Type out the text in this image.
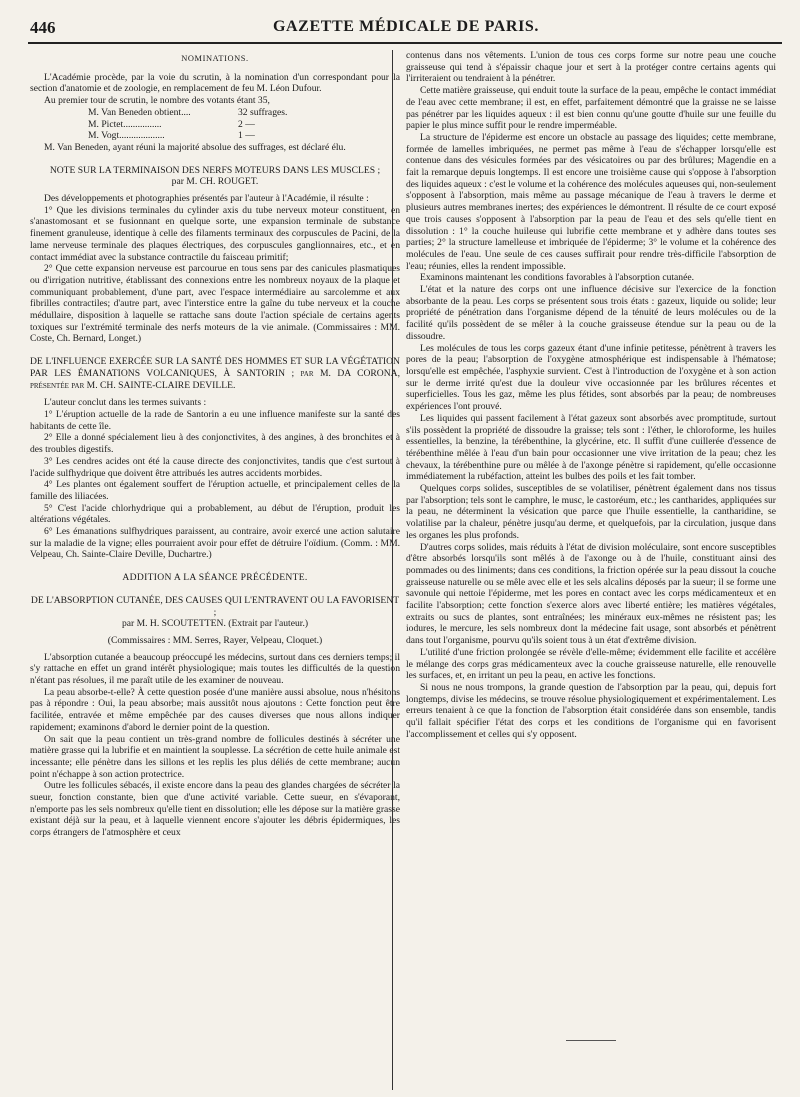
446	GAZETTE MÉDICALE DE PARIS.
NOMINATIONS.

L'Académie procède, par la voie du scrutin, à la nomination d'un correspondant pour la section d'anatomie et de zoologie, en remplacement de feu M. Léon Dufour.

Au premier tour de scrutin, le nombre des votants étant 35,

M. Van Beneden obtient....	32 suffrages.
M. Pictet................	2 —
M. Vogt...................	1 —

M. Van Beneden, ayant réuni la majorité absolue des suffrages, est déclaré élu.

NOTE SUR LA TERMINAISON DES NERFS MOTEURS DANS LES MUSCLES ;
par M. CH. ROUGET.

Des développements et photographies présentés par l'auteur à l'Académie, il résulte :

1° Que les divisions terminales du cylinder axis du tube nerveux moteur constituent, en s'anastomosant et se fusionnant en quelque sorte, une expansion terminale de substance finement granuleuse, identique à celle des filaments terminaux des corpuscules de Pacini, de la lame nerveuse terminale des plaques électriques, des corpuscules ganglionnaires, etc., et en contact immédiat avec la substance contractile du faisceau primitif;

2° Que cette expansion nerveuse est parcourue en tous sens par des canicules plasmatiques ou d'irrigation nutritive, établissant des connexions entre les nombreux noyaux de la plaque et communiquant probablement, d'une part, avec l'espace intermédiaire au sarcolemme et aux fibrilles contractiles; d'autre part, avec l'interstice entre la gaîne du tube nerveux et la couche médullaire, disposition à laquelle se rattache sans doute l'action spéciale de certains agents toxiques sur l'extrémité terminale des nerfs moteurs de la vie animale. (Commissaires : MM. Coste, Ch. Bernard, Longet.)

DE L'INFLUENCE EXERCÉE SUR LA SANTÉ DES HOMMES ET SUR LA VÉGÉTATION PAR LES ÉMANATIONS VOLCANIQUES, À SANTORIN ; par M. DA CORONA, présentée par M. CH. SAINTE-CLAIRE DEVILLE.

L'auteur conclut dans les termes suivants :

1° L'éruption actuelle de la rade de Santorin a eu une influence manifeste sur la santé des habitants de cette île.

2° Elle a donné spécialement lieu à des conjonctivites, à des angines, à des bronchites et à des troubles digestifs.

3° Les cendres acides ont été la cause directe des conjonctivites, tandis que c'est surtout à l'acide sulfhydrique que doivent être attribués les autres accidents morbides.

4° Les plantes ont également souffert de l'éruption actuelle, et principalement celles de la famille des liliacées.

5° C'est l'acide chlorhydrique qui a probablement, au début de l'éruption, produit les altérations végétales.

6° Les émanations sulfhydriques paraissent, au contraire, avoir exercé une action salutaire sur la maladie de la vigne; elles pourraient avoir pour effet de détruire l'oïdium. (Comm. : MM. Velpeau, Ch. Sainte-Claire Deville, Duchartre.)

ADDITION A LA SÉANCE PRÉCÉDENTE.
DE L'ABSORPTION CUTANÉE, DES CAUSES QUI L'ENTRAVENT OU LA FAVORISENT ;
par M. H. SCOUTETTEN. (Extrait par l'auteur.)
(Commissaires : MM. Serres, Rayer, Velpeau, Cloquet.)

L'absorption cutanée a beaucoup préoccupé les médecins, surtout dans ces derniers temps; il s'y rattache en effet un grand intérêt physiologique; mais toutes les difficultés de la question n'étant pas résolues, il me paraît utile de les examiner de nouveau.

La peau absorbe-t-elle? À cette question posée d'une manière aussi absolue, nous n'hésitons pas à répondre : Oui, la peau absorbe; mais aussitôt nous ajoutons : Cette fonction peut être facilitée, entravée et même empêchée par des causes diverses que nous allons indiquer rapidement; examinons d'abord le dernier point de la question.

On sait que la peau contient un très-grand nombre de follicules destinés à sécréter une matière grasse qui la lubrifie et en maintient la souplesse. La sécrétion de cette huile animale est incessante; elle pénètre dans les sillons et les replis les plus déliés de cette membrane; aucun point n'échappe à son action protectrice.

Outre les follicules sébacés, il existe encore dans la peau des glandes chargées de sécréter la sueur, fonction constante, bien que d'une activité variable. Cette sueur, en s'évaporant, n'emporte pas les sels nombreux qu'elle tient en dissolution; elle les dépose sur la matière grasse existant déjà sur la peau, et à laquelle viennent encore s'ajouter les débris épidermiques, les corps étrangers de l'atmosphère et ceux

contenus dans nos vêtements. L'union de tous ces corps forme sur notre peau une couche graisseuse qui tend à s'épaissir chaque jour et sert à la protéger contre certains agents qui l'irriteraient ou tendraient à la pénétrer.

Cette matière graisseuse, qui enduit toute la surface de la peau, empêche le contact immédiat de l'eau avec cette membrane; il est, en effet, parfaitement démontré que la graisse ne se laisse pas pénétrer par les liquides aqueux : il est bien connu qu'une goutte d'huile sur une feuille du papier le plus mince suffit pour le rendre imperméable.

La structure de l'épiderme est encore un obstacle au passage des liquides; cette membrane, formée de lamelles imbriquées, ne permet pas même à l'eau de s'échapper lorsqu'elle est contenue dans des vésicules formées par des vésicatoires ou par des brûlures; Magendie en a fait la remarque depuis longtemps. Il est encore une troisième cause qui s'oppose à l'absorption des liquides aqueux : c'est le volume et la cohérence des molécules aqueuses qui, non-seulement s'opposent à l'absorption, mais même au passage mécanique de l'eau à travers le derme et plusieurs autres membranes inertes; des expériences le démontrent. Il résulte de ce court exposé que trois causes s'opposent à l'absorption par la peau de l'eau et des sels qu'elle tient en dissolution : 1° la couche huileuse qui lubrifie cette membrane et y adhère dans toutes ses parties; 2° la structure lamelleuse et imbriquée de l'épiderme; 3° le volume et la cohérence des molécules de l'eau. Une seule de ces causes suffirait pour rendre très-difficile l'absorption de l'eau; réunies, elles la rendent impossible.

Examinons maintenant les conditions favorables à l'absorption cutanée.

L'état et la nature des corps ont une influence décisive sur l'exercice de la fonction absorbante de la peau. Les corps se présentent sous trois états : gazeux, liquide ou solide; leur propriété de pénétration dans l'organisme dépend de la ténuité de leurs molécules ou de la facilité qu'ils possèdent de se mêler à la couche graisseuse étendue sur la peau ou de la dissoudre.

Les molécules de tous les corps gazeux étant d'une infinie petitesse, pénètrent à travers les pores de la peau; l'absorption de l'oxygène atmosphérique est indispensable à l'hématose; lorsqu'elle est empêchée, l'asphyxie survient. C'est à l'introduction de l'oxygène et à son action sur le derme irrité qu'est due la douleur vive occasionnée par les brûlures récentes et superficielles. Tous les gaz, même les plus fétides, sont absorbés par la peau; de nombreuses expériences l'ont prouvé.

Les liquides qui passent facilement à l'état gazeux sont absorbés avec promptitude, surtout s'ils possèdent la propriété de dissoudre la graisse; tels sont : l'éther, le chloroforme, les huiles essentielles, la benzine, la térébenthine, la glycérine, etc. Il suffit d'une cuillerée d'essence de térébenthine mêlée à l'eau d'un bain pour occasionner une vive irritation de la peau; chez les chevaux, la térébenthine pure ou mêlée à de l'axonge pénètre si rapidement, qu'elle occasionne immédiatement la rubéfaction, atteint les bulbes des poils et les fait tomber.

Quelques corps solides, susceptibles de se volatiliser, pénètrent également dans nos tissus par l'absorption; tels sont le camphre, le musc, le castoréum, etc.; les cantharides, appliquées sur la peau, ne déterminent la vésication que parce que l'huile essentielle, la cantharidine, se volatilise par la chaleur, pénètre jusqu'au derme, et quelquefois, par la circulation, jusque dans les organes les plus profonds.

D'autres corps solides, mais réduits à l'état de division moléculaire, sont encore susceptibles d'être absorbés lorsqu'ils sont mêlés à de l'axonge ou à de l'huile, constituant ainsi des pommades ou des liniments; dans ces conditions, la friction opérée sur la peau dissout la couche graisseuse naturelle ou se mêle avec elle et les sels alcalins déposés par la sueur; il se forme une savonule qui nettoie l'épiderme, met les pores en contact avec les corps médicamenteux et en facilite l'absorption; cette fonction s'exerce alors avec liberté entière; les matières végétales, extraits ou sucs de plantes, sont entraînées; les minéraux eux-mêmes ne résistent pas; les iodures, le mercure, les sels nombreux dont la médecine fait usage, sont absorbés et pénètrent dans tout l'organisme, pourvu qu'ils soient tous à un état d'extrême division.

L'utilité d'une friction prolongée se révèle d'elle-même; évidemment elle facilite et accélère le mélange des corps gras médicamenteux avec la couche graisseuse naturelle, elle renouvelle les surfaces, et, en irritant un peu la peau, en active les fonctions.

Si nous ne nous trompons, la grande question de l'absorption par la peau, qui, depuis fort longtemps, divise les médecins, se trouve résolue physiologiquement et expérimentalement. Les erreurs tenaient à ce que la fonction de l'absorption était considérée dans son ensemble, tandis qu'il fallait spécifier l'état des corps et les conditions de l'organisme qui en favorisent l'accomplissement et celles qui s'y opposent.
